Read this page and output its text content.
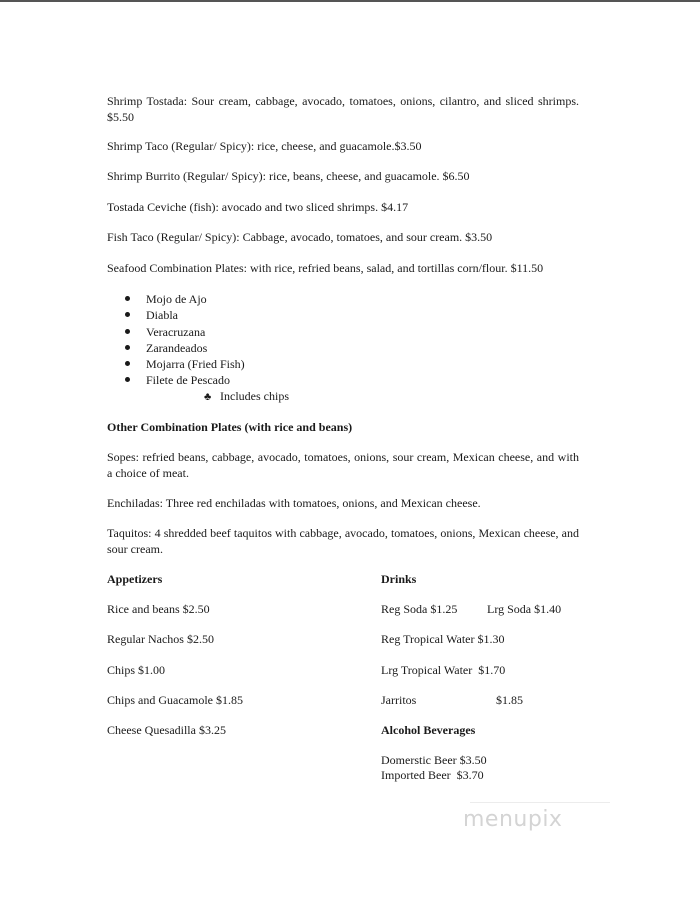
Shrimp Tostada: Sour cream, cabbage, avocado, tomatoes, onions, cilantro, and sliced shrimps. $5.50
Shrimp Taco (Regular/ Spicy): rice, cheese, and guacamole.$3.50
Shrimp Burrito (Regular/ Spicy): rice, beans, cheese, and guacamole. $6.50
Tostada Ceviche (fish): avocado and two sliced shrimps. $4.17
Fish Taco (Regular/ Spicy): Cabbage, avocado, tomatoes, and sour cream. $3.50
Seafood Combination Plates: with rice, refried beans, salad, and tortillas corn/flour. $11.50
Mojo de Ajo
Diabla
Veracruzana
Zarandeados
Mojarra (Fried Fish)
Filete de Pescado
♣ Includes chips
Other Combination Plates (with rice and beans)
Sopes: refried beans, cabbage, avocado, tomatoes, onions, sour cream, Mexican cheese, and with a choice of meat.
Enchiladas: Three red enchiladas with tomatoes, onions, and Mexican cheese.
Taquitos: 4 shredded beef taquitos with cabbage, avocado, tomatoes, onions, Mexican cheese, and sour cream.
Appetizers
Rice and beans $2.50
Regular Nachos $2.50
Chips $1.00
Chips and Guacamole $1.85
Cheese Quesadilla $3.25
Drinks
Reg Soda $1.25 Lrg Soda $1.40
Reg Tropical Water $1.30
Lrg Tropical Water  $1.70
Jarritos	$1.85
Alcohol Beverages
Domerstic Beer $3.50
Imported Beer  $3.70
menupix
